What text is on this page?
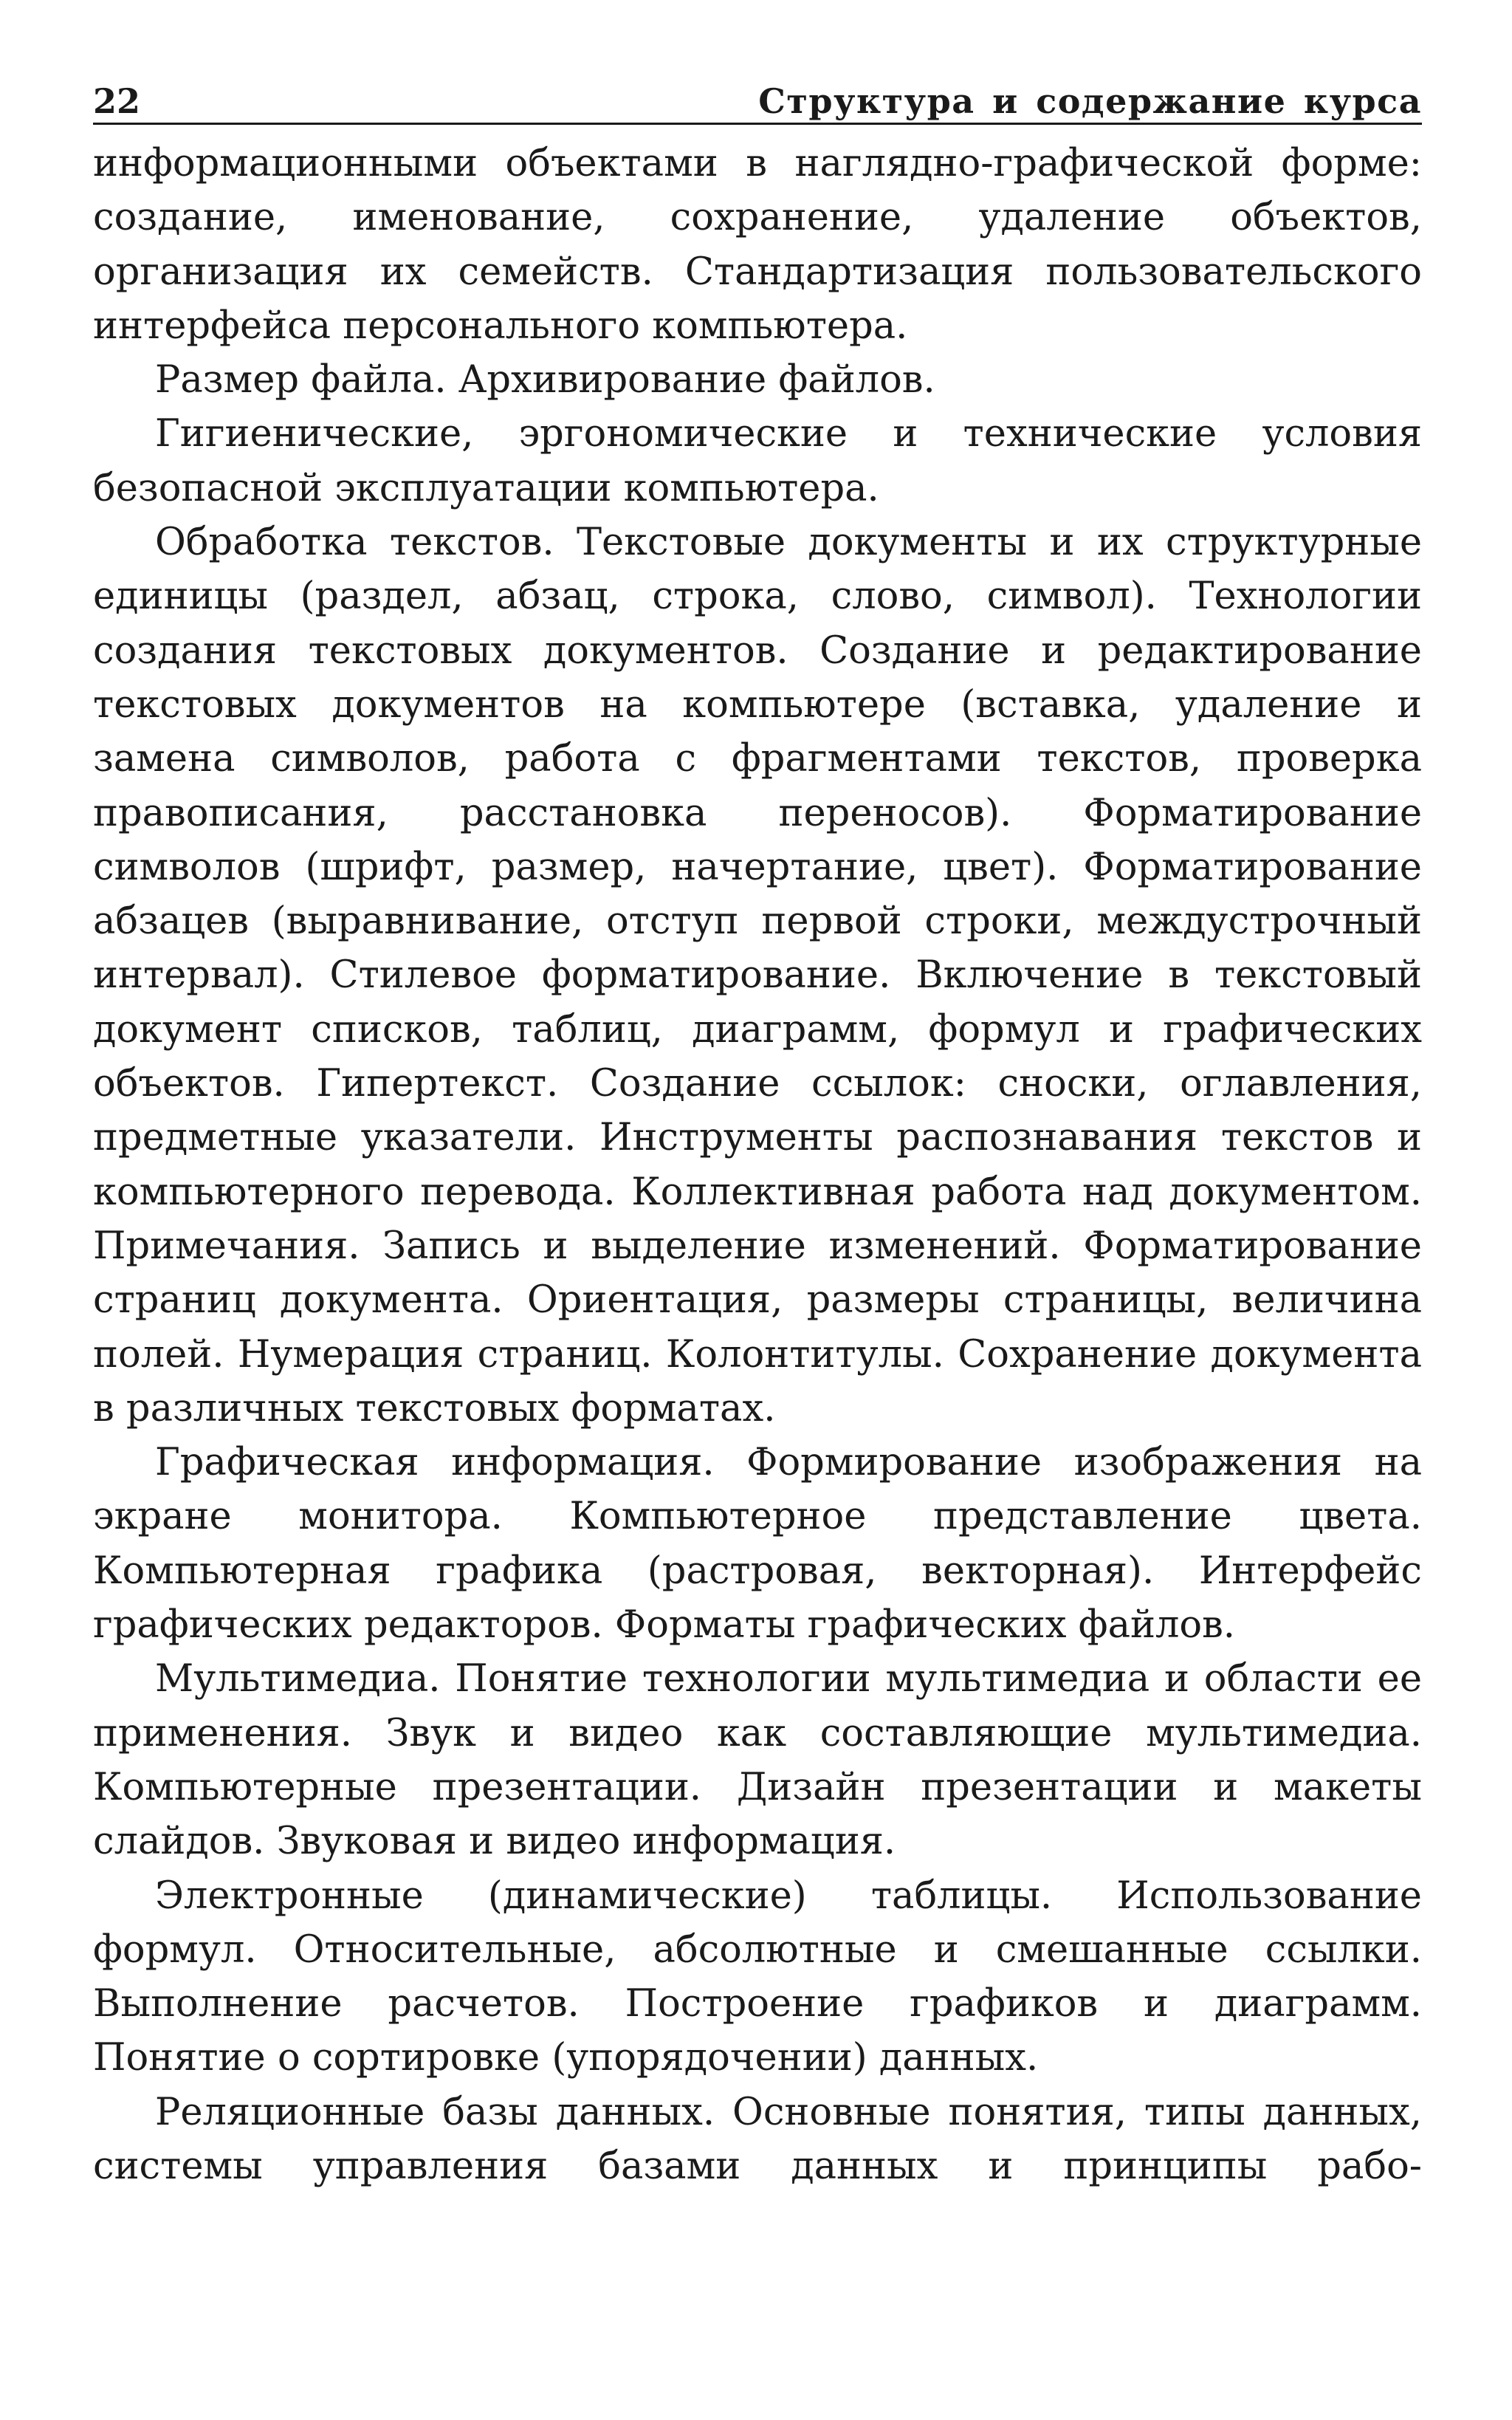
22	Структура и содержание курса

информационными объектами в наглядно-графической форме: создание, именование, сохранение, удаление объектов, организация их семейств. Стандартизация пользовательского интерфейса персонального компьютера.

Размер файла. Архивирование файлов.

Гигиенические, эргономические и технические условия безопасной эксплуатации компьютера.

Обработка текстов. Текстовые документы и их структурные единицы (раздел, абзац, строка, слово, символ). Технологии создания текстовых документов. Создание и редактирование текстовых документов на компьютере (вставка, удаление и замена символов, работа с фрагментами текстов, проверка правописания, расстановка переносов). Форматирование символов (шрифт, размер, начертание, цвет). Форматирование абзацев (выравнивание, отступ первой строки, междустрочный интервал). Стилевое форматирование. Включение в текстовый документ списков, таблиц, диаграмм, формул и графических объектов. Гипертекст. Создание ссылок: сноски, оглавления, предметные указатели. Инструменты распознавания текстов и компьютерного перевода. Коллективная работа над документом. Примечания. Запись и выделение изменений. Форматирование страниц документа. Ориентация, размеры страницы, величина полей. Нумерация страниц. Колонтитулы. Сохранение документа в различных текстовых форматах.

Графическая информация. Формирование изображения на экране монитора. Компьютерное представление цвета. Компьютерная графика (растровая, векторная). Интерфейс графических редакторов. Форматы графических файлов.

Мультимедиа. Понятие технологии мультимедиа и области ее применения. Звук и видео как составляющие мультимедиа. Компьютерные презентации. Дизайн презентации и макеты слайдов. Звуковая и видео информация.

Электронные (динамические) таблицы. Использование формул. Относительные, абсолютные и смешанные ссылки. Выполнение расчетов. Построение графиков и диаграмм. Понятие о сортировке (упорядочении) данных.

Реляционные базы данных. Основные понятия, типы данных, системы управления базами данных и принципы рабо-
